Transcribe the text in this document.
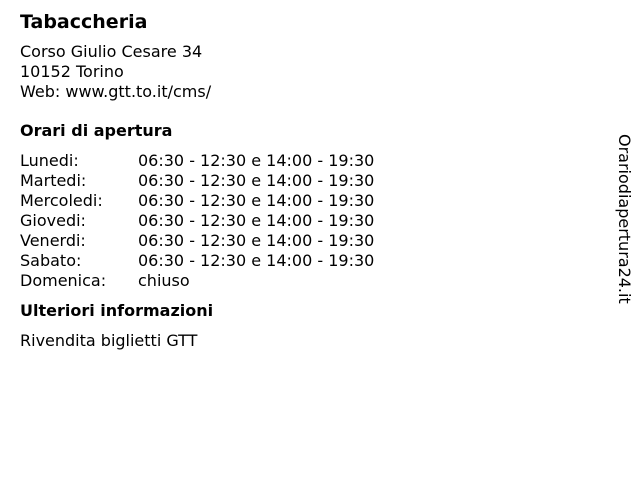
Tabaccheria
Corso Giulio Cesare 34
10152 Torino
Web: www.gtt.to.it/cms/
Orari di apertura
Lunedi:	06:30 - 12:30 e 14:00 - 19:30
Martedi:	06:30 - 12:30 e 14:00 - 19:30
Mercoledi:	06:30 - 12:30 e 14:00 - 19:30
Giovedi:	06:30 - 12:30 e 14:00 - 19:30
Venerdi:	06:30 - 12:30 e 14:00 - 19:30
Sabato:	06:30 - 12:30 e 14:00 - 19:30
Domenica:	chiuso
Ulteriori informazioni
Rivendita biglietti GTT
Orariodiapertura24.it
